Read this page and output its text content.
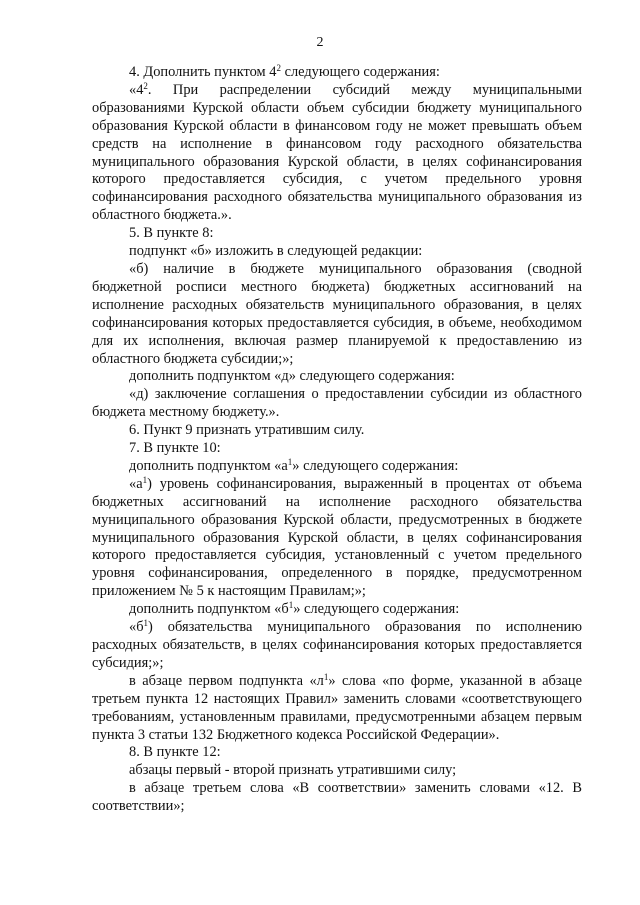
2

4. Дополнить пунктом $4^2$ следующего содержания:

«$4^2$. При распределении субсидий между муниципальными образованиями Курской области объем субсидии бюджету муниципального образования Курской области в финансовом году не может превышать объем средств на исполнение в финансовом году расходного обязательства муниципального образования Курской области, в целях софинансирования которого предоставляется субсидия, с учетом предельного уровня софинансирования расходного обязательства муниципального образования из областного бюджета.».

5. В пункте 8:

подпункт «б» изложить в следующей редакции:

«б) наличие в бюджете муниципального образования (сводной бюджетной росписи местного бюджета) бюджетных ассигнований на исполнение расходных обязательств муниципального образования, в целях софинансирования которых предоставляется субсидия, в объеме, необходимом для их исполнения, включая размер планируемой к предоставлению из областного бюджета субсидии;»;

дополнить подпунктом «д» следующего содержания:

«д) заключение соглашения о предоставлении субсидии из областного бюджета местному бюджету.».

6. Пункт 9 признать утратившим силу.

7. В пункте 10:

дополнить подпунктом «$а^1$» следующего содержания:

«$а^1$) уровень софинансирования, выраженный в процентах от объема бюджетных ассигнований на исполнение расходного обязательства муниципального образования Курской области, предусмотренных в бюджете муниципального образования Курской области, в целях софинансирования которого предоставляется субсидия, установленный с учетом предельного уровня софинансирования, определенного в порядке, предусмотренном приложением № 5 к настоящим Правилам;»;

дополнить подпунктом «$б^1$» следующего содержания:

«$б^1$) обязательства муниципального образования по исполнению расходных обязательств, в целях софинансирования которых предоставляется субсидия;»;

в абзаце первом подпункта «$л^1$» слова «по форме, указанной в абзаце третьем пункта 12 настоящих Правил» заменить словами «соответствующего требованиям, установленным правилами, предусмотренными абзацем первым пункта 3 статьи 132 Бюджетного кодекса Российской Федерации».

8. В пункте 12:

абзацы первый - второй признать утратившими силу;

в абзаце третьем слова «В соответствии» заменить словами «12. В соответствии»;
